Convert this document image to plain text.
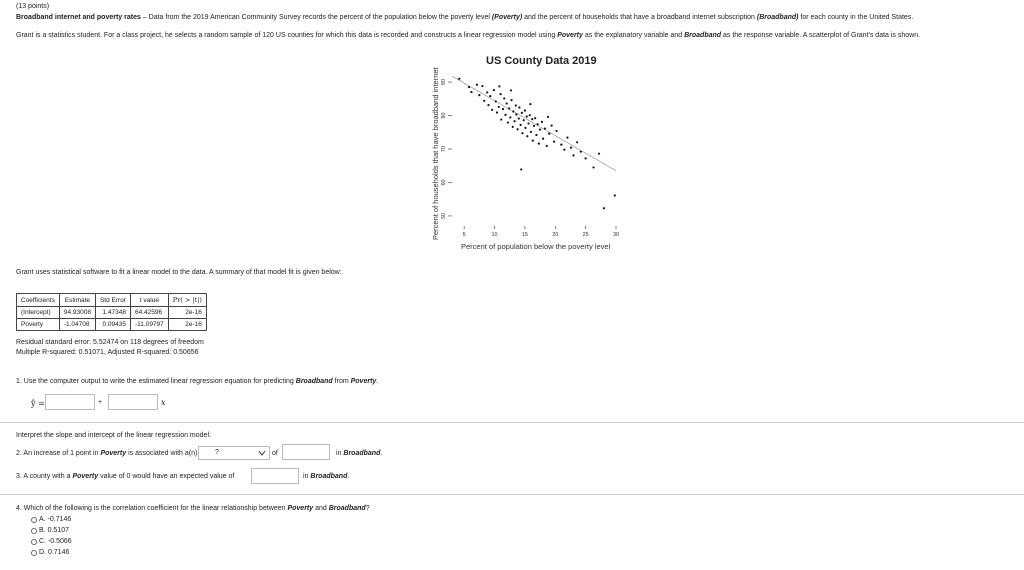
(13 points)
Broadband internet and poverty rates – Data from the 2019 American Community Survey records the percent of the population below the poverty level (Poverty) and the percent of households that have a broadband internet subscription (Broadband) for each county in the United States.
Grant is a statistics student. For a class project, he selects a random sample of 120 US counties for which this data is recorded and constructs a linear regression model using Poverty as the explanatory variable and Broadband as the response variable. A scatterplot of Grant's data is shown.
US County Data 2019
Percent of households that have broadband internet
Percent of population below the poverty level
50
60
70
80
90
5	10	15	20	25	30
Grant uses statistical software to fit a linear model to the data. A summary of that model fit is given below:
Coefficients	Estimate	Std Error	t value	Pr( > |t|)
(Intercept)	94.93008	1.47348	64.42596	2e-16
Poverty	-1.04708	0.09435	-11.09797	2e-16
Residual standard error: 5.52474 on 118 degrees of freedom
Multiple R-squared: 0.51071, Adjusted R-squared: 0.50656
1. Use the computer output to write the estimated linear regression equation for predicting Broadband from Poverty.
ŷ =	+	x
Interpret the slope and intercept of the linear regression model:
2. An increase of 1 point in Poverty is associated with a(n)	?	of	in Broadband.
3. A county with a Poverty value of 0 would have an expected value of	in Broadband.
4. Which of the following is the correlation coefficient for the linear relationship between Poverty and Broadband?
A. -0.7146
B. 0.5107
C. -0.5066
D. 0.7146
